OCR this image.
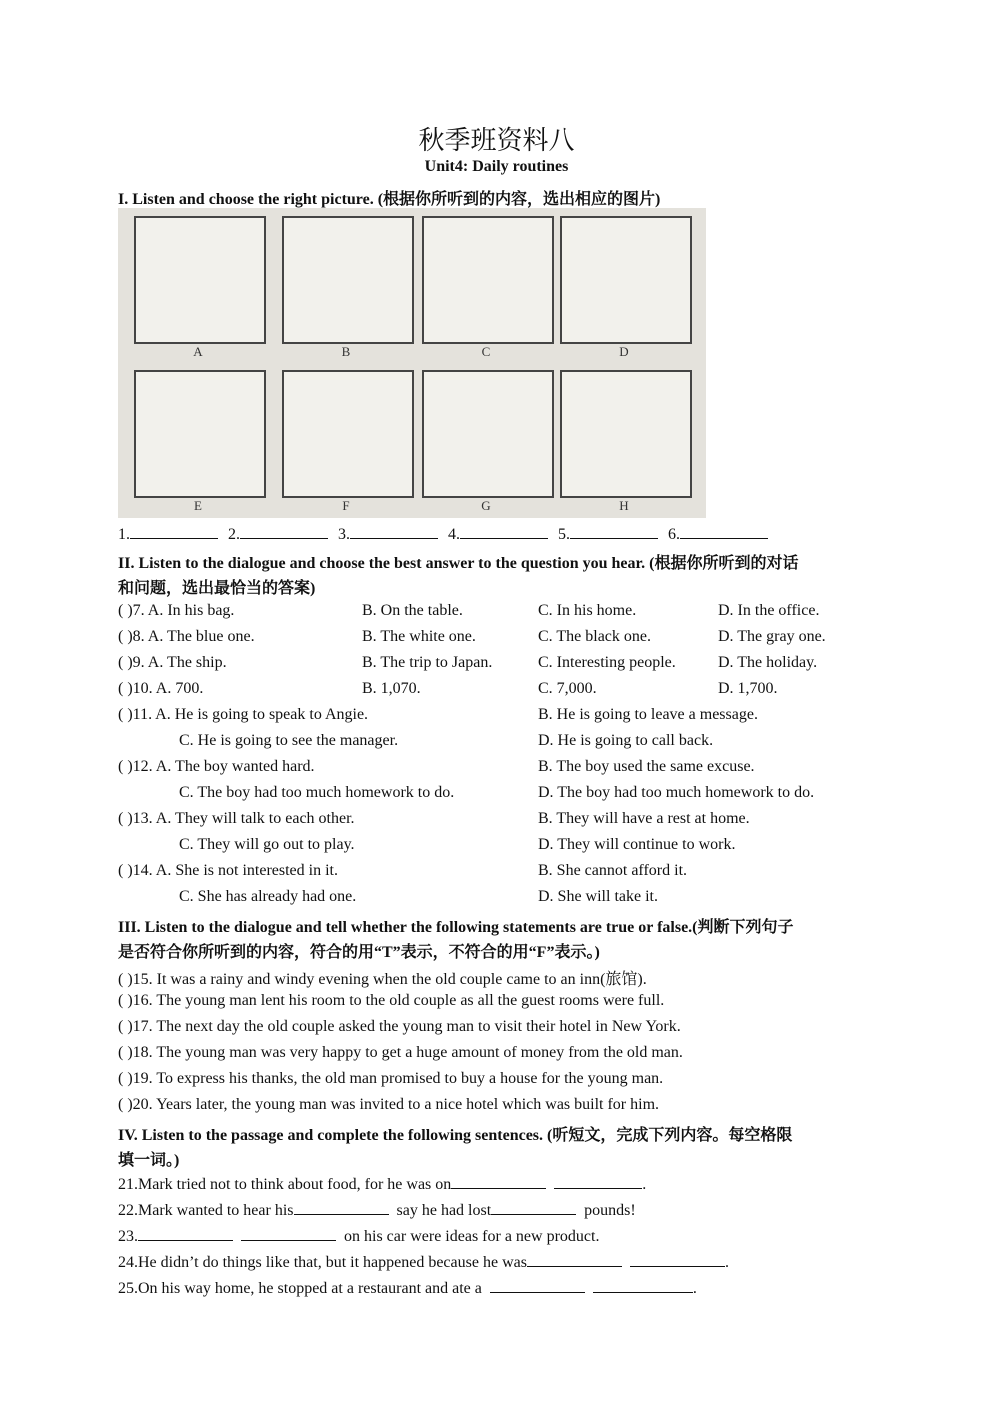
秋季班资料八
Unit4: Daily routines
I. Listen and choose the right picture. (根据你所听到的内容，选出相应的图片)
A	B	C	D
E	F	G	H
1.	2.	3.	4.	5.	6.
II. Listen to the dialogue and choose the best answer to the question you hear. (根据你所听到的对话
和问题，选出最恰当的答案)
( )7. A. In his bag.	B. On the table.	C. In his home.	D. In the office.
( )8. A. The blue one.	B. The white one.	C. The black one.	D. The gray one.
( )9. A. The ship.	B. The trip to Japan.	C. Interesting people.	D. The holiday.
( )10. A. 700.	B. 1,070.	C. 7,000.	D. 1,700.
( )11. A. He is going to speak to Angie.	B. He is going to leave a message.
C. He is going to see the manager.	D. He is going to call back.
( )12. A. The boy wanted hard.	B. The boy used the same excuse.
C. The boy had too much homework to do.	D. The boy had too much homework to do.
( )13. A. They will talk to each other.	B. They will have a rest at home.
C. They will go out to play.	D. They will continue to work.
( )14. A. She is not interested in it.	B. She cannot afford it.
C. She has already had one.	D. She will take it.
III. Listen to the dialogue and tell whether the following statements are true or false.(判断下列句子
是否符合你所听到的内容，符合的用“T”表示，不符合的用“F”表示。)
( )15. It was a rainy and windy evening when the old couple came to an inn(旅馆).
( )16. The young man lent his room to the old couple as all the guest rooms were full.
( )17. The next day the old couple asked the young man to visit their hotel in New York.
( )18. The young man was very happy to get a huge amount of money from the old man.
( )19. To express his thanks, the old man promised to buy a house for the young man.
( )20. Years later, the young man was invited to a nice hotel which was built for him.
IV. Listen to the passage and complete the following sentences. (听短文，完成下列内容。每空格限
填一词。)
21.Mark tried not to think about food, for he was on	.
22.Mark wanted to hear his	say he had lost	pounds!
23.	on his car were ideas for a new product.
24.He didn’t do things like that, but it happened because he was	.
25.On his way home, he stopped at a restaurant and ate a	.
